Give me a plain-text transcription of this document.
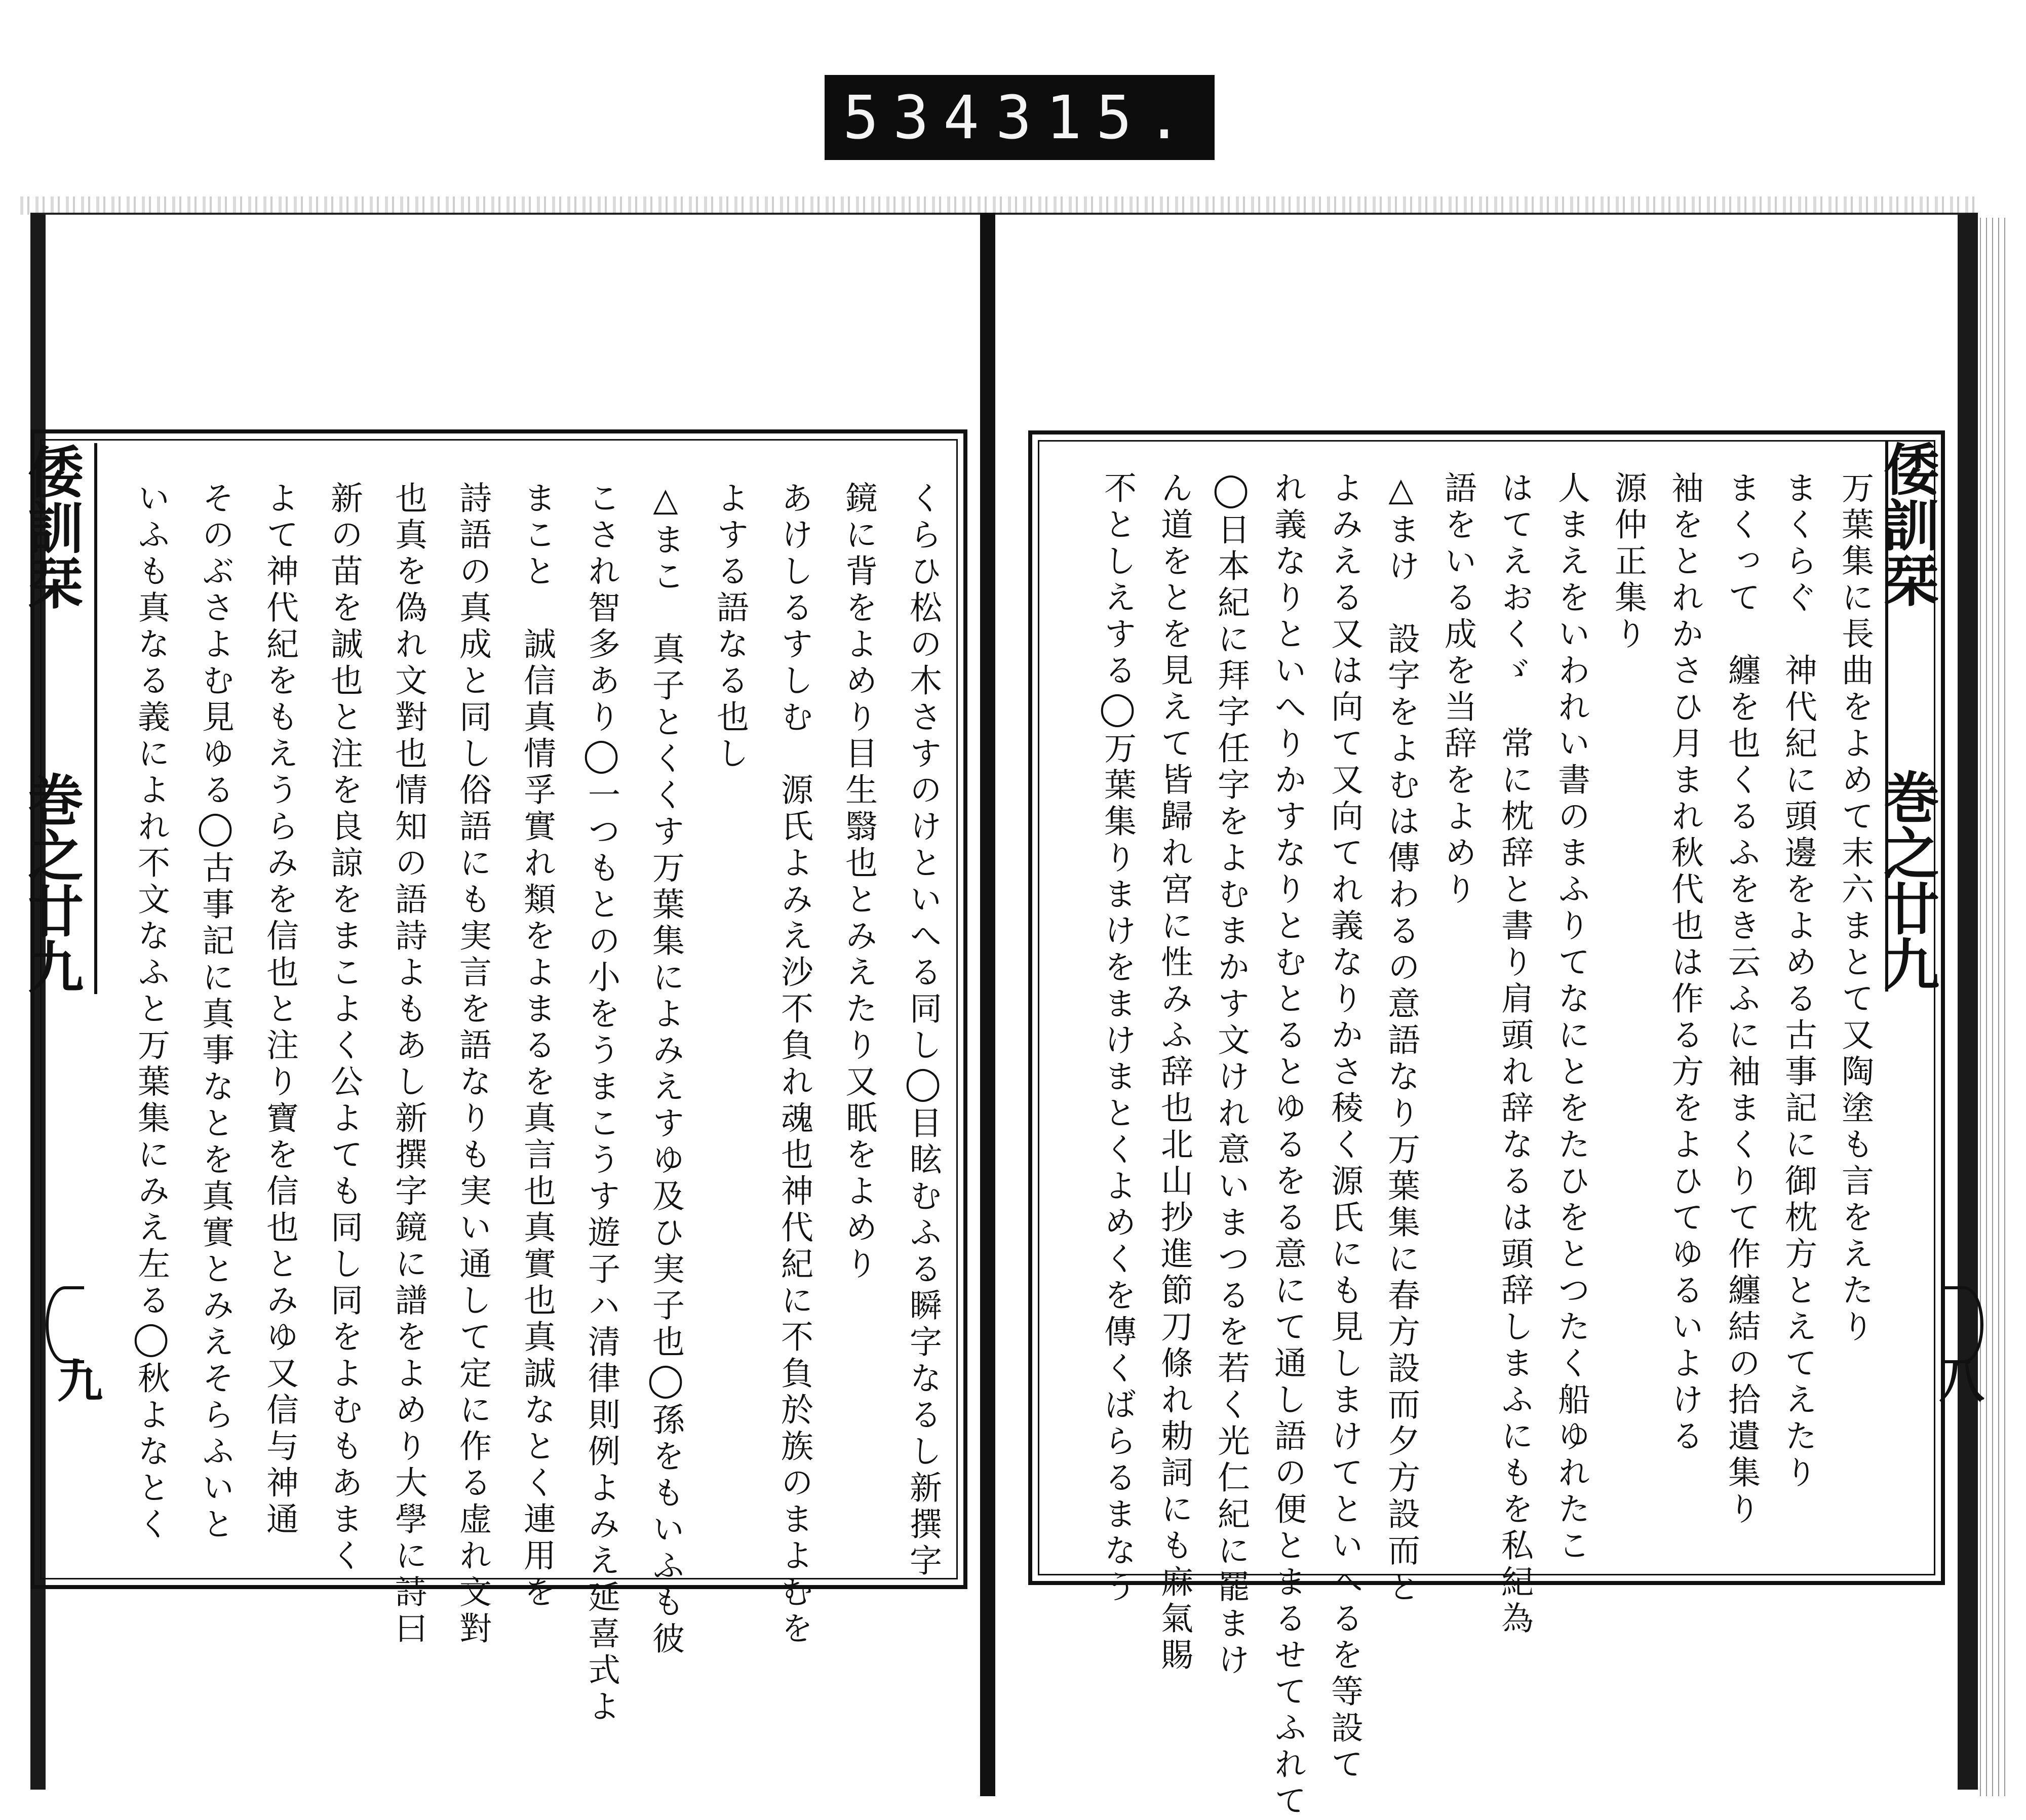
534 315.
倭訓栞  巻之廿九
九
倭訓栞  巻之廿九
八
くらひ松の木さすのけといへる同し◯目眩むふる瞬字なるし新撰字
鏡に背をよめり目生翳也とみえたり又眂をよめり
あけしるすしむ　源氏よみえ沙不負れ魂也神代紀に不負於族のまよむを
よする語なる也し
△まこ　真子とくくす万葉集によみえすゆ及ひ実子也◯孫をもいふも彼
こされ智多あり◯一つもとの小をうまこうす遊子ハ清律則例よみえ延喜式よ
まこと　誠信真情孚實れ類をよまるを真言也真實也真誠なとく連用を
詩語の真成と同し俗語にも実言を語なりも実い通して定に作る虚れ文對
也真を偽れ文對也情知の語詩よもあし新撰字鏡に譜をよめり大學に詩曰
新の苗を誠也と注を良諒をまこよく公よても同し同をよむもあまく
よて神代紀をもえうらみを信也と注り寶を信也とみゆ又信与神通
そのぶさよむ見ゆる◯古事記に真事なとを真實とみえそらふいと
いふも真なる義によれ不文なふと万葉集にみえ左る◯秋よなとく	万葉集に長曲をよめて末六まとて又陶塗も言をえたり
まくらぐ　神代紀に頭邊をよめる古事記に御枕方とえてえたり
まくって　纏を也くるふをき云ふに袖まくりて作纏結の拾遺集り
袖をとれかさひ月まれ秋代也は作る方をよひてゆるいよける
源仲正集り
人まえをいわれい書のまふりてなにとをたひをとつたく船ゆれたこ
はてえおくゞ　常に枕辞と書り肩頭れ辞なるは頭辞しまふにもを私紀為
語をいる成を当辞をよめり
△まけ　設字をよむは傳わるの意語なり万葉集に春方設而夕方設而と
よみえる又は向て又向てれ義なりかさ稜く源氏にも見しまけてといへるを等設て
れ義なりといへりかすなりとむとるとゆるをる意にて通し語の便とまるせてふれて
◯日本紀に拜字任字をよむまかす文けれ意いまつるを若く光仁紀に罷まけ
ん道をとを見えて皆歸れ宮に性みふ辞也北山抄進節刀條れ勅詞にも麻氣賜
不としえする◯万葉集りまけをまけまとくよめくを傳くばらるまなう
